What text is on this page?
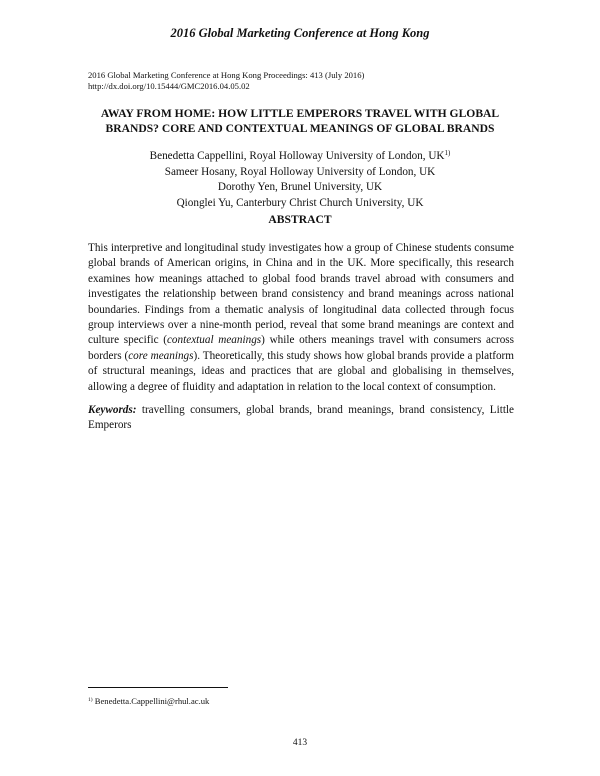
2016 Global Marketing Conference at Hong Kong
2016 Global Marketing Conference at Hong Kong Proceedings: 413 (July 2016)
http://dx.doi.org/10.15444/GMC2016.04.05.02
AWAY FROM HOME: HOW LITTLE EMPERORS TRAVEL WITH GLOBAL
BRANDS? CORE AND CONTEXTUAL MEANINGS OF GLOBAL BRANDS
Benedetta Cappellini, Royal Holloway University of London, UK$^{1)}$
Sameer Hosany, Royal Holloway University of London, UK
Dorothy Yen, Brunel University, UK
Qionglei Yu, Canterbury Christ Church University, UK
ABSTRACT
This interpretive and longitudinal study investigates how a group of Chinese students consume global brands of American origins, in China and in the UK. More specifically, this research examines how meanings attached to global food brands travel abroad with consumers and investigates the relationship between brand consistency and brand meanings across national boundaries. Findings from a thematic analysis of longitudinal data collected through focus group interviews over a nine-month period, reveal that some brand meanings are context and culture specific (contextual meanings) while others meanings travel with consumers across borders (core meanings). Theoretically, this study shows how global brands provide a platform of structural meanings, ideas and practices that are global and globalising in themselves, allowing a degree of fluidity and adaptation in relation to the local context of consumption.
Keywords: travelling consumers, global brands, brand meanings, brand consistency, Little Emperors
$^{1)}$ Benedetta.Cappellini@rhul.ac.uk
413
